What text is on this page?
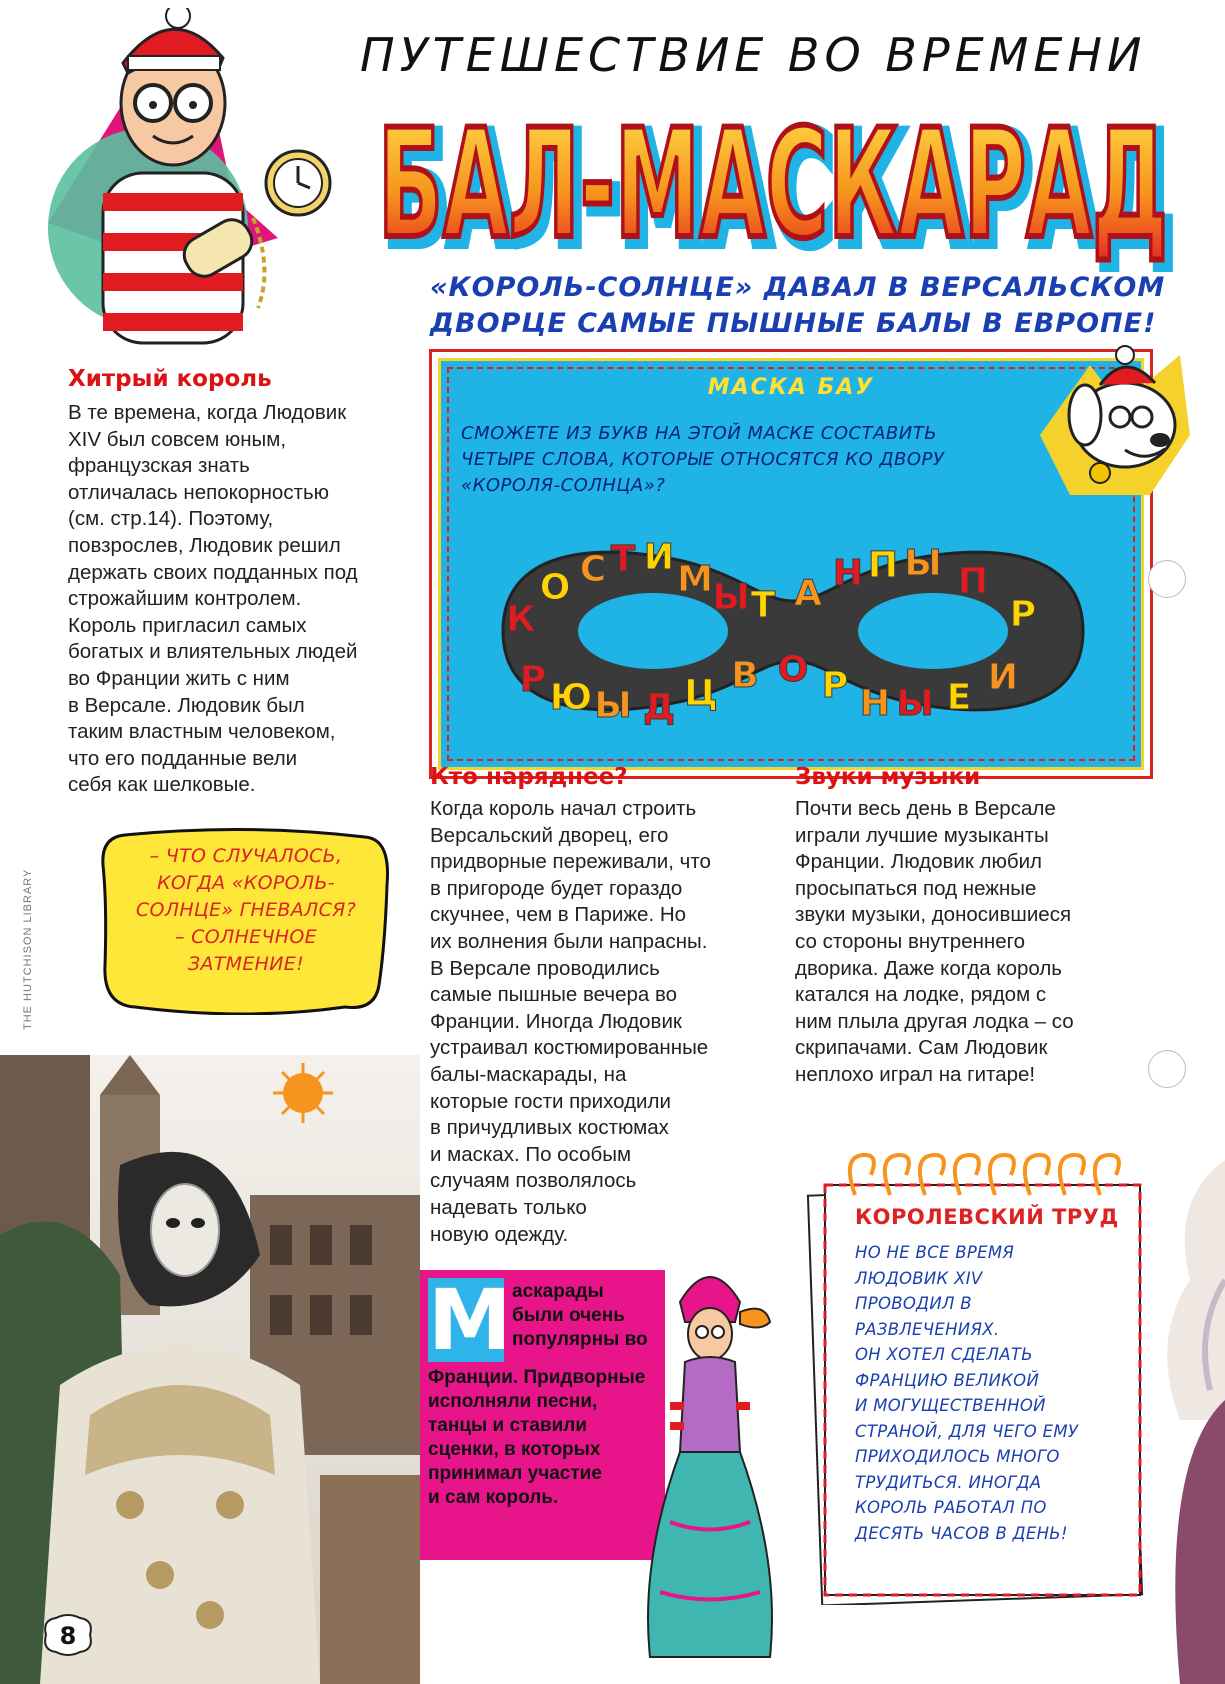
ПУТЕШЕСТВИЕ ВО ВРЕМЕНИ
БАЛ-МАСКАРАД
БАЛ-МАСКАРАД
«КОРОЛЬ-СОЛНЦЕ» ДАВАЛ В ВЕРСАЛЬСКОМ
ДВОРЦЕ САМЫЕ ПЫШНЫЕ БАЛЫ В ЕВРОПЕ!
Хитрый король
В те времена, когда Людовик
XIV был совсем юным,
французская знать
отличалась непокорностью
(см. стр.14). Поэтому,
повзрослев, Людовик решил
держать своих подданных под
строжайшим контролем.
Король пригласил самых
богатых и влиятельных людей
во Франции жить с ним
в Версале. Людовик был
таким властным человеком,
что его подданные вели
себя как шелковые.
МАСКА БАУ
СМОЖЕТЕ ИЗ БУКВ НА ЭТОЙ МАСКЕ СОСТАВИТЬ
ЧЕТЫРЕ СЛОВА, КОТОРЫЕ ОТНОСЯТСЯ КО ДВОРУ
«КОРОЛЯ-СОЛНЦА»?
К
О С Т И
М Ы Т А Н П Ы П
Р
Р Ю Ы Д Ц В О Р Н Ы Е И
– ЧТО СЛУЧАЛОСЬ,
КОГДА «КОРОЛЬ-
СОЛНЦЕ» ГНЕВАЛСЯ?
– СОЛНЕЧНОЕ
ЗАТМЕНИЕ!
THE HUTCHISON LIBRARY
8
Кто наряднее?
Когда король начал строить
Версальский дворец, его
придворные переживали, что
в пригороде будет гораздо
скучнее, чем в Париже. Но
их волнения были напрасны.
В Версале проводились
самые пышные вечера во
Франции. Иногда Людовик
устраивал костюмированные
балы-маскарады, на
которые гости приходили
в причудливых костюмах
и масках. По особым
случаям позволялось
надевать только
новую одежду.
Звуки музыки
Почти весь день в Версале
играли лучшие музыканты
Франции. Людовик любил
просыпаться под нежные
звуки музыки, доносившиеся
со стороны внутреннего
дворика. Даже когда король
катался на лодке, рядом с
ним плыла другая лодка – со
скрипачами. Сам Людовик
неплохо играл на гитаре!
М аскарады
были очень
популярны во
Франции. Придворные
исполняли песни,
танцы и ставили
сценки, в которых
принимал участие
и сам король.
КОРОЛЕВСКИЙ ТРУД
НО НЕ ВСЕ ВРЕМЯ
ЛЮДОВИК XIV
ПРОВОДИЛ В
РАЗВЛЕЧЕНИЯХ.
ОН ХОТЕЛ СДЕЛАТЬ
ФРАНЦИЮ ВЕЛИКОЙ
И МОГУЩЕСТВЕННОЙ
СТРАНОЙ, ДЛЯ ЧЕГО ЕМУ
ПРИХОДИЛОСЬ МНОГО
ТРУДИТЬСЯ. ИНОГДА
КОРОЛЬ РАБОТАЛ ПО
ДЕСЯТЬ ЧАСОВ В ДЕНЬ!
